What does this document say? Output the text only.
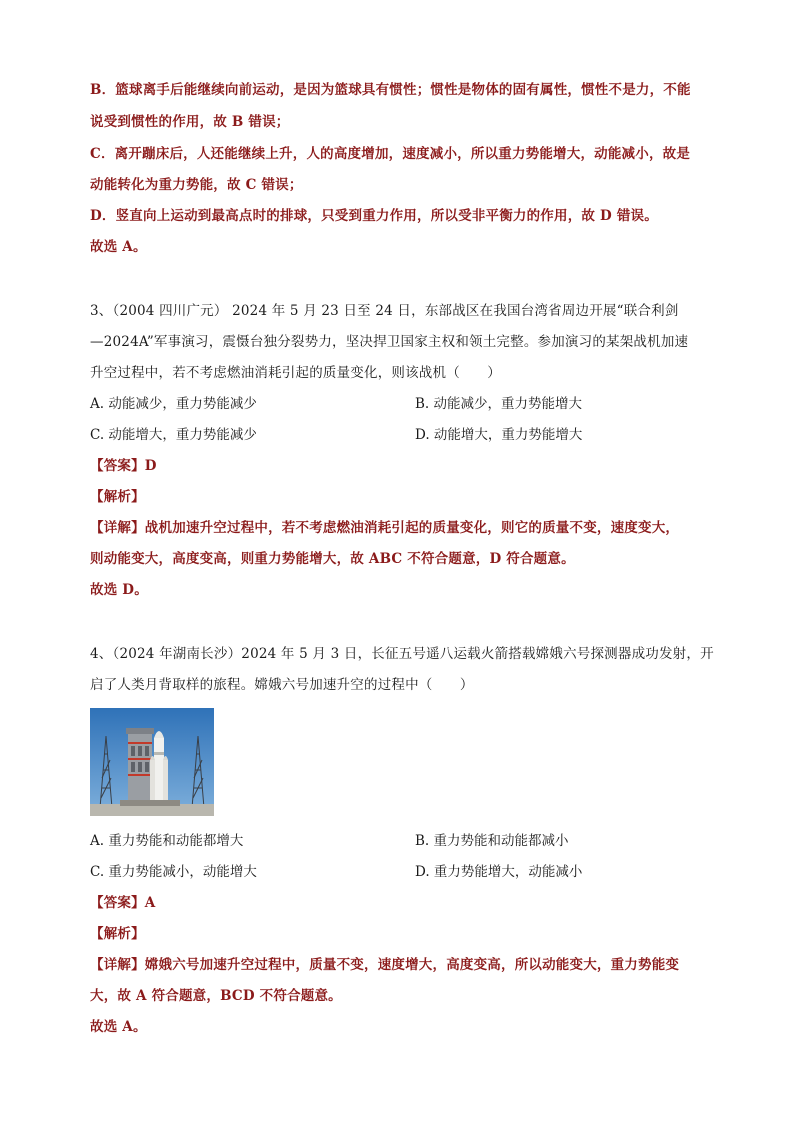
B．篮球离手后能继续向前运动，是因为篮球具有惯性；惯性是物体的固有属性，惯性不是力，不能
说受到惯性的作用，故 B 错误；
C．离开蹦床后，人还能继续上升，人的高度增加，速度减小，所以重力势能增大，动能减小，故是
动能转化为重力势能，故 C 错误；
D．竖直向上运动到最高点时的排球，只受到重力作用，所以受非平衡力的作用，故 D 错误。
故选 A。
3、（2004 四川广元） 2024 年 5 月 23 日至 24 日，东部战区在我国台湾省周边开展“联合利剑
—2024A”军事演习，震慑台独分裂势力，坚决捍卫国家主权和领土完整。参加演习的某架战机加速
升空过程中，若不考虑燃油消耗引起的质量变化，则该战机（　　）
A. 动能减少，重力势能减少	B. 动能减少，重力势能增大
C. 动能增大，重力势能减少	D. 动能增大，重力势能增大
【答案】D
【解析】
【详解】战机加速升空过程中，若不考虑燃油消耗引起的质量变化，则它的质量不变，速度变大，
则动能变大，高度变高，则重力势能增大，故 ABC 不符合题意，D 符合题意。
故选 D。
4、（2024 年湖南长沙）2024 年 5 月 3 日，长征五号遥八运载火箭搭载嫦娥六号探测器成功发射，开
启了人类月背取样的旅程。嫦娥六号加速升空的过程中（　　）
A. 重力势能和动能都增大	B. 重力势能和动能都减小
C. 重力势能减小，动能增大	D. 重力势能增大，动能减小
【答案】A
【解析】
【详解】嫦娥六号加速升空过程中，质量不变，速度增大，高度变高，所以动能变大，重力势能变
大，故 A 符合题意，BCD 不符合题意。
故选 A。
